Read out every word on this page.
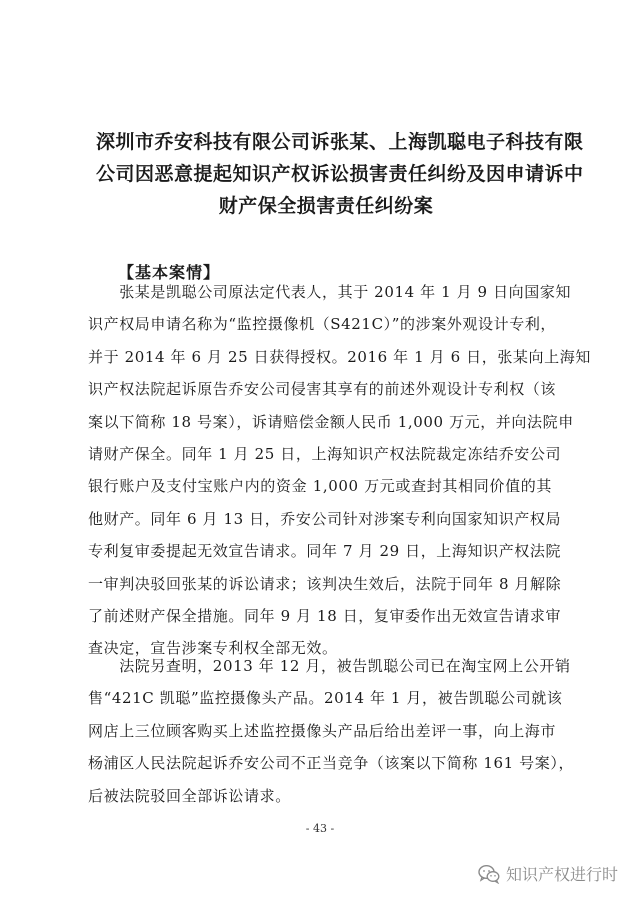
深圳市乔安科技有限公司诉张某、上海凯聪电子科技有限
公司因恶意提起知识产权诉讼损害责任纠纷及因申请诉中
财产保全损害责任纠纷案
【基本案情】
　　张某是凯聪公司原法定代表人，其于 2014 年 1 月 9 日向国家知
识产权局申请名称为“监控摄像机（S421C）”的涉案外观设计专利，
并于 2014 年 6 月 25 日获得授权。2016 年 1 月 6 日，张某向上海知
识产权法院起诉原告乔安公司侵害其享有的前述外观设计专利权（该
案以下简称 18 号案），诉请赔偿金额人民币 1,000 万元，并向法院申
请财产保全。同年 1 月 25 日，上海知识产权法院裁定冻结乔安公司
银行账户及支付宝账户内的资金 1,000 万元或查封其相同价值的其
他财产。同年 6 月 13 日，乔安公司针对涉案专利向国家知识产权局
专利复审委提起无效宣告请求。同年 7 月 29 日，上海知识产权法院
一审判决驳回张某的诉讼请求；该判决生效后，法院于同年 8 月解除
了前述财产保全措施。同年 9 月 18 日，复审委作出无效宣告请求审
查决定，宣告涉案专利权全部无效。
　　法院另查明，2013 年 12 月，被告凯聪公司已在淘宝网上公开销
售“421C 凯聪”监控摄像头产品。2014 年 1 月，被告凯聪公司就该
网店上三位顾客购买上述监控摄像头产品后给出差评一事，向上海市
杨浦区人民法院起诉乔安公司不正当竞争（该案以下简称 161 号案），
后被法院驳回全部诉讼请求。
- 43 -
知识产权进行时
